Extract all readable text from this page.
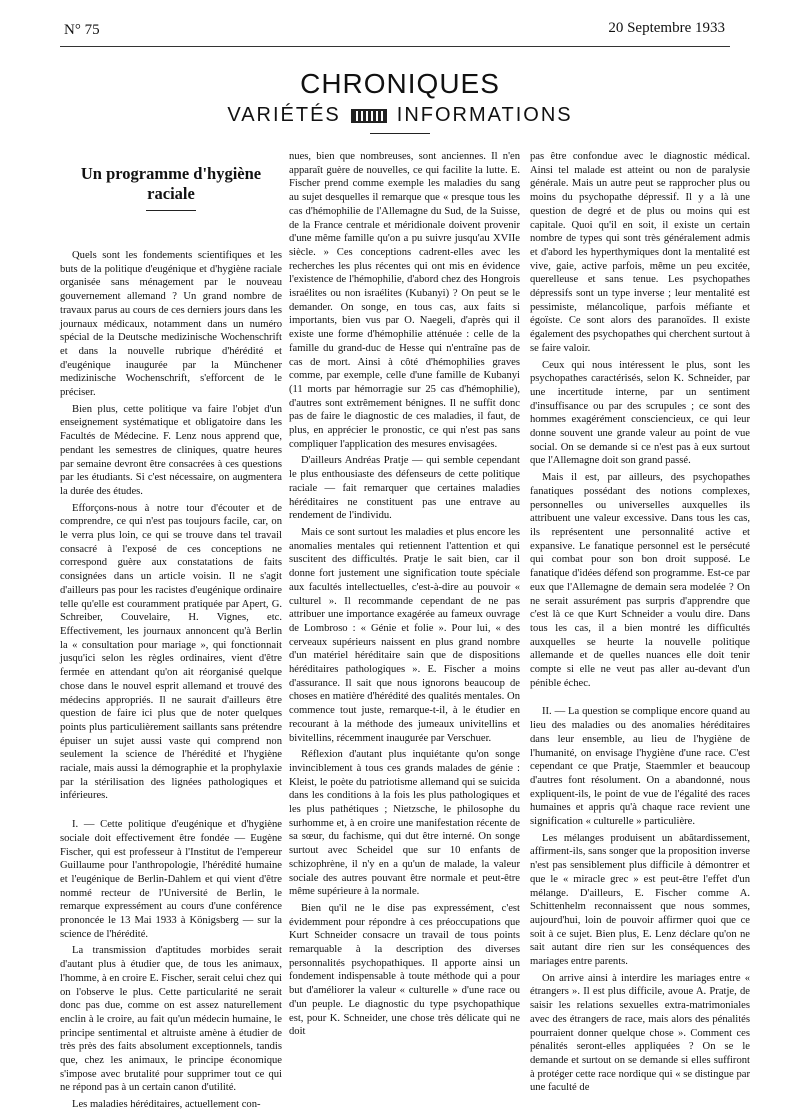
N° 75	20 Septembre 1933
CHRONIQUES
VARIÉTÉS	INFORMATIONS
Un programme d'hygiène raciale

Quels sont les fondements scientifiques et les buts de la politique d'eugénique et d'hygiène raciale organisée sans ménagement par le nouveau gouvernement allemand ? Un grand nombre de travaux parus au cours de ces derniers jours dans les journaux médicaux, notamment dans un numéro spécial de la Deutsche medizinische Wochenschrift et dans la nouvelle rubrique d'hérédité et d'eugénique inaugurée par la Münchener medizinische Wochenschrift, s'efforcent de le préciser.

Bien plus, cette politique va faire l'objet d'un enseignement systématique et obligatoire dans les Facultés de Médecine. F. Lenz nous apprend que, pendant les semestres de cliniques, quatre heures par semaine devront être consacrées à ces questions par les étudiants. Si c'est nécessaire, on augmentera la durée des études.

Efforçons-nous à notre tour d'écouter et de comprendre, ce qui n'est pas toujours facile, car, on le verra plus loin, ce qui se trouve dans tel travail consacré à l'exposé de ces conceptions ne correspond guère aux constatations de faits consignées dans un article voisin. Il ne s'agit d'ailleurs pas pour les racistes d'eugénique ordinaire telle qu'elle est couramment pratiquée par Apert, G. Schreiber, Couvelaire, H. Vignes, etc. Effectivement, les journaux annoncent qu'à Berlin la « consultation pour mariage », qui fonctionnait jusqu'ici selon les règles ordinaires, vient d'être fermée en attendant qu'on ait réorganisé quelque chose dans le nouvel esprit allemand et trouvé des médecins appropriés. Il ne saurait d'ailleurs être question de faire ici plus que de noter quelques points plus particulièrement saillants sans prétendre épuiser un sujet aussi vaste qui comprend non seulement la science de l'hérédité et l'hygiène raciale, mais aussi la démographie et la prophylaxie par la stérilisation des lignées pathologiques et inférieures.

I. — Cette politique d'eugénique et d'hygiène sociale doit effectivement être fondée — Eugène Fischer, qui est professeur à l'Institut de l'empereur Guillaume pour l'anthropologie, l'hérédité humaine et l'eugénique de Berlin-Dahlem et qui vient d'être nommé recteur de l'Université de Berlin, le remarque expressément au cours d'une conférence prononcée le 13 Mai 1933 à Königsberg — sur la science de l'hérédité.

La transmission d'aptitudes morbides serait d'autant plus à étudier que, de tous les animaux, l'homme, à en croire E. Fischer, serait celui chez qui on l'observe le plus. Cette particularité ne serait donc pas due, comme on est assez naturellement enclin à le croire, au fait qu'un médecin humaine, le principe sentimental et altruiste amène à étudier de très près des faits absolument exceptionnels, tandis que, chez les animaux, le principe économique s'impose avec brutalité pour supprimer tout ce qui ne répond pas à un certain canon d'utilité.

Les maladies héréditaires, actuellement con-

nues, bien que nombreuses, sont anciennes. Il n'en apparaît guère de nouvelles, ce qui facilite la lutte. E. Fischer prend comme exemple les maladies du sang au sujet desquelles il remarque que « presque tous les cas d'hémophilie de l'Allemagne du Sud, de la Suisse, de la France centrale et méridionale doivent provenir d'une même famille qu'on a pu suivre jusqu'au XVIIe siècle. » Ces conceptions cadrent-elles avec les recherches les plus récentes qui ont mis en évidence l'existence de l'hémophilie, d'abord chez des Hongrois israélites ou non israélites (Kubanyi) ? On peut se le demander. On songe, en tous cas, aux faits si importants, bien vus par O. Naegeli, d'après qui il existe une forme d'hémophilie atténuée : celle de la famille du grand-duc de Hesse qui n'entraîne pas de cas de mort. Ainsi à côté d'hémophilies graves comme, par exemple, celle d'une famille de Kubanyi (11 morts par hémorragie sur 25 cas d'hémophilie), d'autres sont extrêmement bénignes. Il ne suffit donc pas de faire le diagnostic de ces maladies, il faut, de plus, en apprécier le pronostic, ce qui n'est pas sans compliquer l'application des mesures envisagées.

D'ailleurs Andréas Pratje — qui semble cependant le plus enthousiaste des défenseurs de cette politique raciale — fait remarquer que certaines maladies héréditaires ne constituent pas une entrave au rendement de l'individu.

Mais ce sont surtout les maladies et plus encore les anomalies mentales qui retiennent l'attention et qui suscitent des difficultés. Pratje le sait bien, car il donne fort justement une signification toute spéciale aux facultés intellectuelles, c'est-à-dire au pouvoir « culturel ». Il recommande cependant de ne pas attribuer une importance exagérée au fameux ouvrage de Lombroso : « Génie et folie ». Pour lui, « des cerveaux supérieurs naissent en plus grand nombre d'un matériel héréditaire sain que de dispositions héréditaires pathologiques ». E. Fischer a moins d'assurance. Il sait que nous ignorons beaucoup de choses en matière d'hérédité des qualités mentales. On commence tout juste, remarque-t-il, à le étudier en recourant à la méthode des jumeaux univitellins et bivitellins, récemment inaugurée par Verschuer.

Réflexion d'autant plus inquiétante qu'on songe invinciblement à tous ces grands malades de génie : Kleist, le poète du patriotisme allemand qui se suicida dans les conditions à la fois les plus pathologiques et les plus pathétiques ; Nietzsche, le philosophe du surhomme et, à en croire une manifestation récente de sa sœur, du fachisme, qui dut être interné. On songe surtout avec Scheidel que sur 10 enfants de schizophrène, il n'y en a qu'un de malade, la valeur sociale des autres pouvant être normale et peut-être même supérieure à la normale.

Bien qu'il ne le dise pas expressément, c'est évidemment pour répondre à ces préoccupations que Kurt Schneider consacre un travail de tous points remarquable à la description des diverses personnalités psychopathiques. Il apporte ainsi un fondement indispensable à toute méthode qui a pour but d'améliorer la valeur « culturelle » d'une race ou d'un peuple. Le diagnostic du type psychopathique est, pour K. Schneider, une chose très délicate qui ne doit

pas être confondue avec le diagnostic médical. Ainsi tel malade est atteint ou non de paralysie générale. Mais un autre peut se rapprocher plus ou moins du psychopathe dépressif. Il y a là une question de degré et de plus ou moins qui est capitale. Quoi qu'il en soit, il existe un certain nombre de types qui sont très généralement admis et d'abord les hyperthymiques dont la mentalité est vive, gaie, active parfois, même un peu excitée, querelleuse et sans tenue. Les psychopathes dépressifs sont un type inverse ; leur mentalité est pessimiste, mélancolique, parfois méfiante et égoïste. Ce sont alors des paranoïdes. Il existe également des psychopathes qui cherchent surtout à se faire valoir.

Ceux qui nous intéressent le plus, sont les psychopathes caractérisés, selon K. Schneider, par une incertitude interne, par un sentiment d'insuffisance ou par des scrupules ; ce sont des hommes exagérément consciencieux, ce qui leur donne souvent une grande valeur au point de vue social. On se demande si ce n'est pas à eux surtout que l'Allemagne doit son grand passé.

Mais il est, par ailleurs, des psychopathes fanatiques possédant des notions complexes, personnelles ou universelles auxquelles ils attribuent une valeur excessive. Dans tous les cas, ils représentent une personnalité active et expansive. Le fanatique personnel est le persécuté qui combat pour son bon droit supposé. Le fanatique d'idées défend son programme. Est-ce par eux que l'Allemagne de demain sera modelée ? On ne serait assurément pas surpris d'apprendre que c'est là ce que Kurt Schneider a voulu dire. Dans tous les cas, il a bien montré les difficultés auxquelles se heurte la nouvelle politique allemande et de quelles nuances elle doit tenir compte si elle ne veut pas aller au-devant d'un pénible échec.

II. — La question se complique encore quand au lieu des maladies ou des anomalies héréditaires dans leur ensemble, au lieu de l'hygiène de l'humanité, on envisage l'hygiène d'une race. C'est cependant ce que Pratje, Staemmler et beaucoup d'autres font résolument. On a abandonné, nous expliquent-ils, le point de vue de l'égalité des races humaines et appris qu'à chaque race revient une signification « culturelle » particulière.

Les mélanges produisent un abâtardissement, affirment-ils, sans songer que la proposition inverse n'est pas sensiblement plus difficile à démontrer et que le « miracle grec » est peut-être l'effet d'un mélange. D'ailleurs, E. Fischer comme A. Schittenhelm reconnaissent que nous sommes, aujourd'hui, loin de pouvoir affirmer quoi que ce soit à ce sujet. Bien plus, E. Lenz déclare qu'on ne sait autant dire rien sur les conséquences des mariages entre parents.

On arrive ainsi à interdire les mariages entre « étrangers ». Il est plus difficile, avoue A. Pratje, de saisir les relations sexuelles extra-matrimoniales avec des étrangers de race, mais alors des pénalités pourraient donner quelque chose ». Comment ces pénalités seront-elles appliquées ? On se le demande et surtout on se demande si elles suffiront à protéger cette race nordique qui « se distingue par une faculté de
